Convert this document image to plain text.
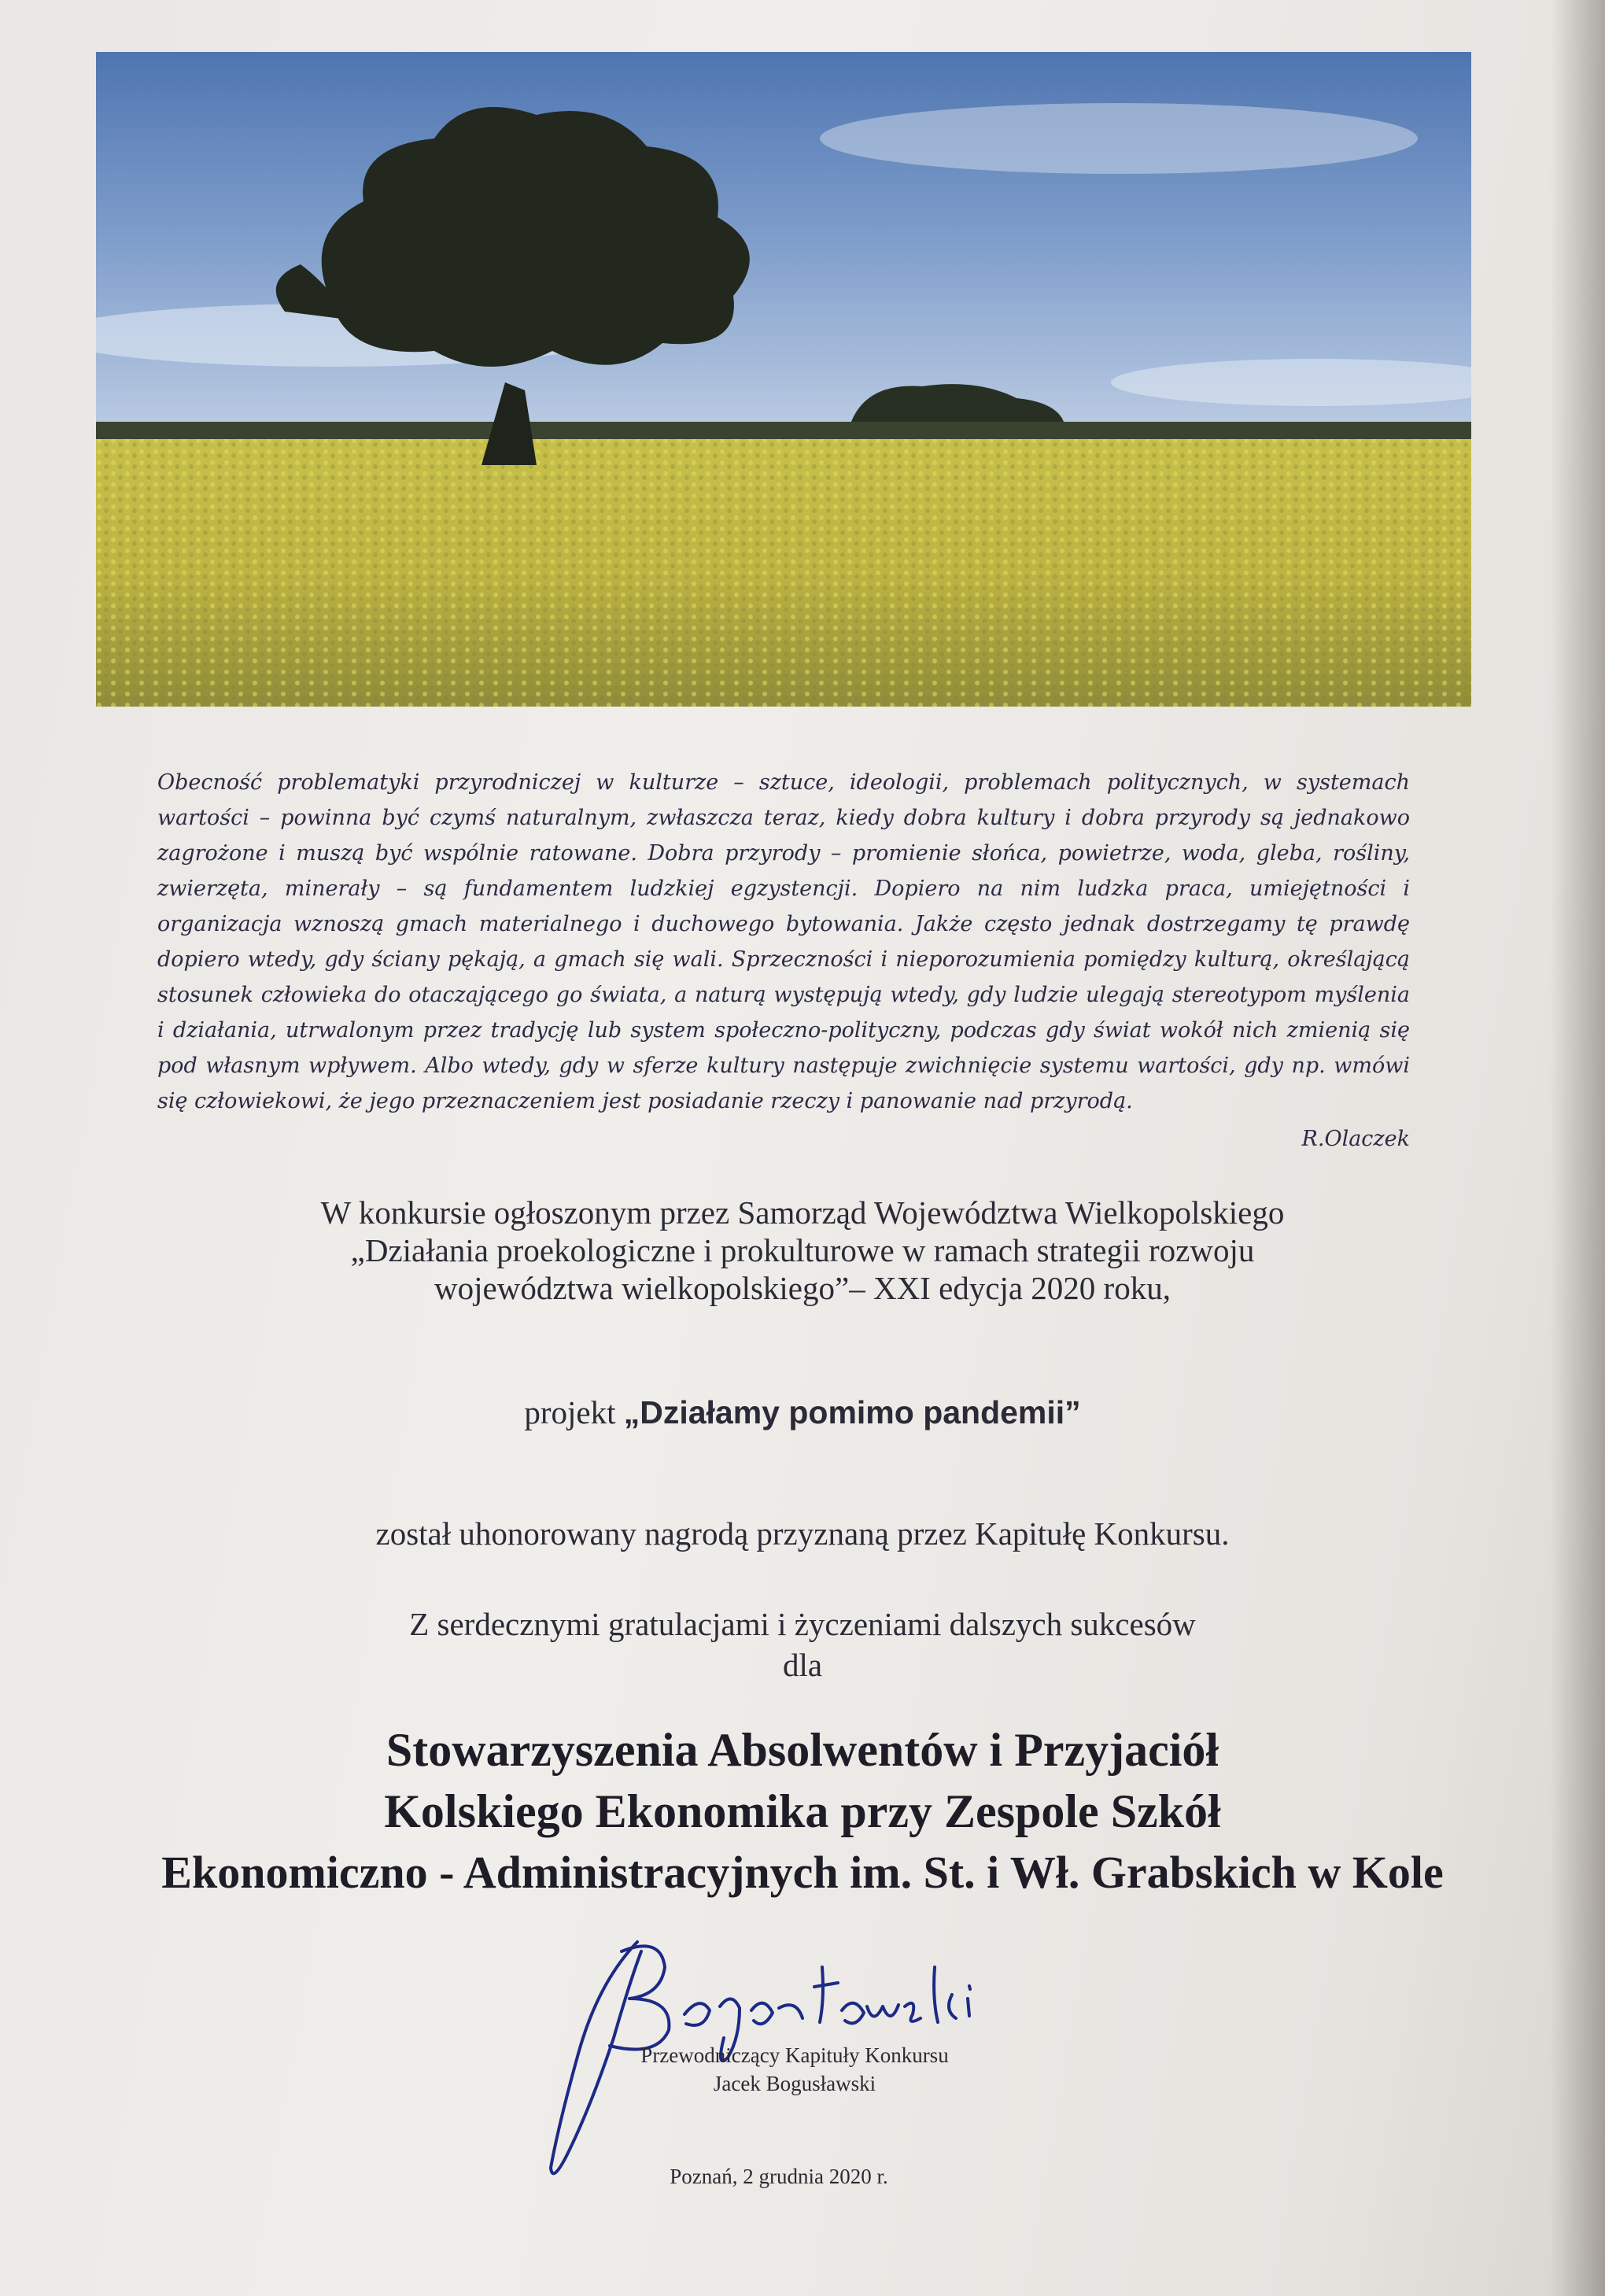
Obecność problematyki przyrodniczej w kulturze – sztuce, ideologii, problemach politycznych, w systemach wartości – powinna być czymś naturalnym, zwłaszcza teraz, kiedy dobra kultury i dobra przyrody są jednakowo zagrożone i muszą być wspólnie ratowane. Dobra przyrody – promienie słońca, powietrze, woda, gleba, rośliny, zwierzęta, minerały – są fundamentem ludzkiej egzystencji. Dopiero na nim ludzka praca, umiejętności i organizacja wznoszą gmach materialnego i duchowego bytowania. Jakże często jednak dostrzegamy tę prawdę dopiero wtedy, gdy ściany pękają, a gmach się wali. Sprzeczności i nieporozumienia pomiędzy kulturą, określającą stosunek człowieka do otaczającego go świata, a naturą występują wtedy, gdy ludzie ulegają stereotypom myślenia i działania, utrwalonym przez tradycję lub system społeczno-polityczny, podczas gdy świat wokół nich zmienią się pod własnym wpływem. Albo wtedy, gdy w sferze kultury następuje zwichnięcie systemu wartości, gdy np. wmówi się człowiekowi, że jego przeznaczeniem jest posiadanie rzeczy i panowanie nad przyrodą.
R.Olaczek
W konkursie ogłoszonym przez Samorząd Województwa Wielkopolskiego
„Działania proekologiczne i prokulturowe w ramach strategii rozwoju
województwa wielkopolskiego”– XXI edycja 2020 roku,
projekt „Działamy pomimo pandemii”
został uhonorowany nagrodą przyznaną przez Kapitułę Konkursu.
Z serdecznymi gratulacjami i życzeniami dalszych sukcesów
dla
Stowarzyszenia Absolwentów i Przyjaciół
Kolskiego Ekonomika przy Zespole Szkół
Ekonomiczno - Administracyjnych im. St. i Wł. Grabskich w Kole
Przewodniczący Kapituły Konkursu
Jacek Bogusławski
Poznań, 2 grudnia 2020 r.
